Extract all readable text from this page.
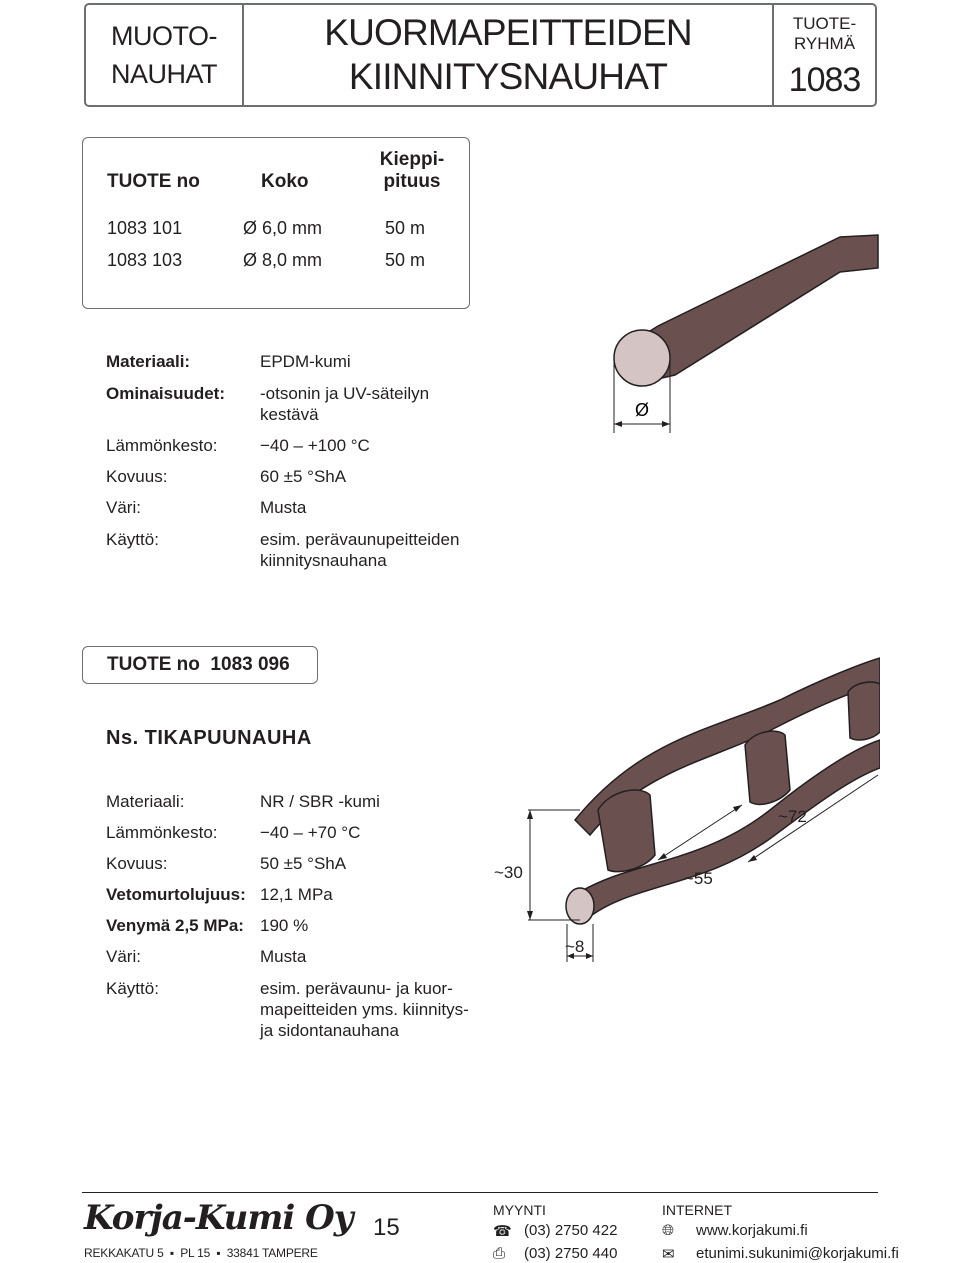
MUOTO-
NAUHAT
KUORMAPEITTEIDEN
KIINNITYSNAUHAT
TUOTE-
RYHMÄ
1083
TUOTE no	Koko
Kieppi-
pituus
1083 101	Ø 6,0 mm	50 m
1083 103	Ø 8,0 mm	50 m
Materiaali:	EPDM-kumi
Ominaisuudet: -otsonin ja UV-säteilyn
kestävä
Lämmönkesto:	−40 – +100 °C
Kovuus:	60 ±5 °ShA
Väri:	Musta
Käyttö:	esim. perävaunupeitteiden
kiinnitysnauhana
Ø
TUOTE no  1083 096
Ns. TIKAPUUNAUHA
Materiaali:	NR / SBR -kumi
Lämmönkesto:	−40 – +70 °C
Kovuus:	50 ±5 °ShA
Vetomurtolujuus: 12,1 MPa
Venymä 2,5 MPa: 190 %
Väri:	Musta
Käyttö:	esim. perävaunu- ja kuor-
mapeitteiden yms. kiinnitys-
ja sidontanauhana
~30
~8
~55
~72
Korja-Kumi Oy
REKKAKATU 5  ▪  PL 15  ▪  33841 TAMPERE
15
MYYNTI
☎ (03) 2750 422
⎙ (03) 2750 440
INTERNET
🌐︎ www.korjakumi.fi
✉ etunimi.sukunimi@korjakumi.fi
